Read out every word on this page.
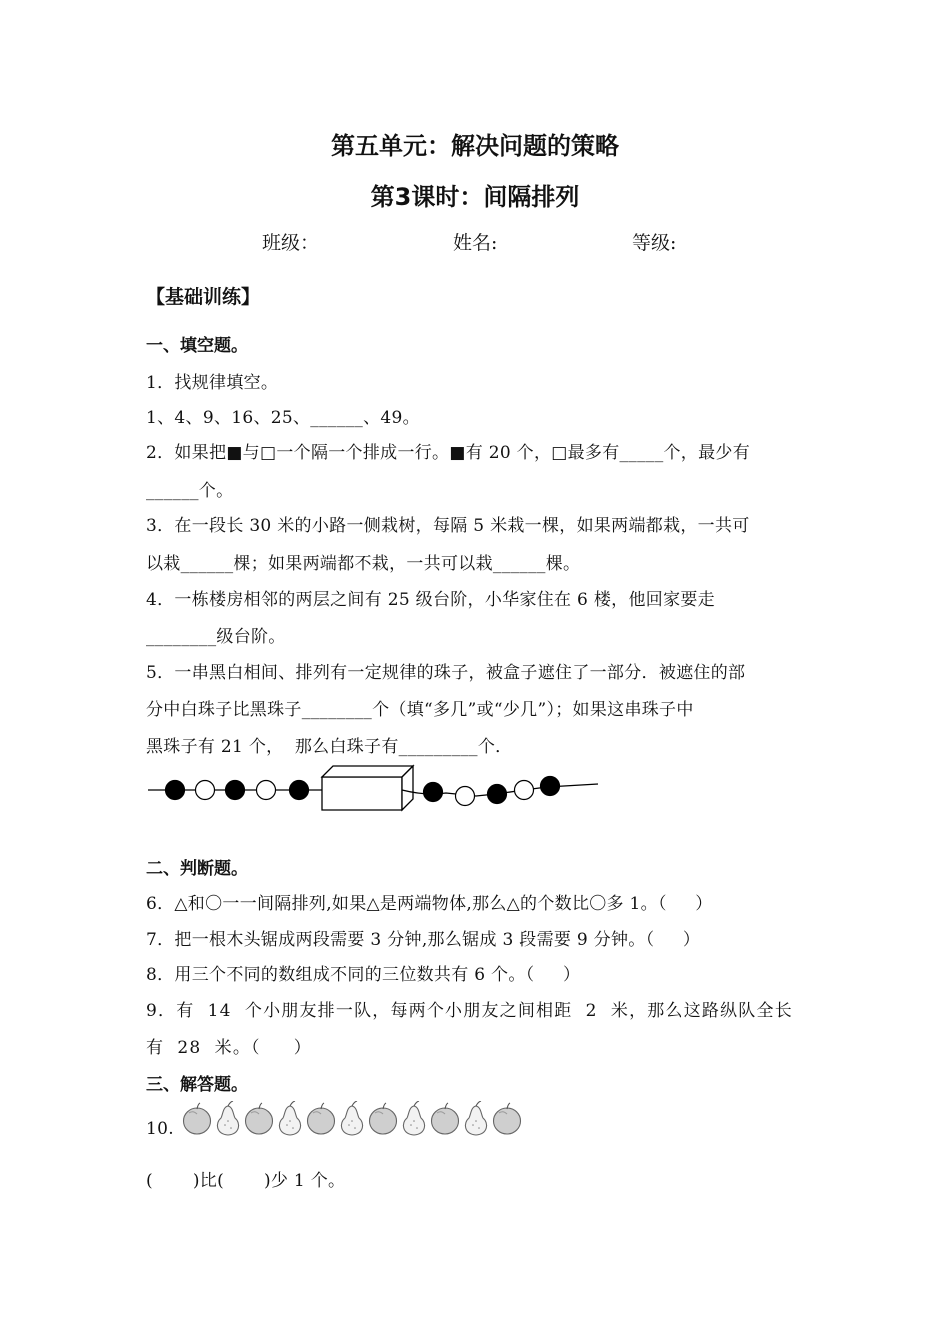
第五单元：解决问题的策略
第3课时：间隔排列
班级：	姓名:	等级:
【基础训练】
一、填空题。
1．找规律填空。
1、4、9、16、25、______、49。
2．如果把■与□一个隔一个排成一行。■有 20 个，□最多有_____个，最少有
______个。
3．在一段长 30 米的小路一侧栽树，每隔 5 米栽一棵，如果两端都栽，一共可
以栽______棵；如果两端都不栽，一共可以栽______棵。
4．一栋楼房相邻的两层之间有 25 级台阶，小华家住在 6 楼，他回家要走
________级台阶。
5．一串黑白相间、排列有一定规律的珠子，被盒子遮住了一部分．被遮住的部
分中白珠子比黑珠子________个（填“多几”或“少几”）；如果这串珠子中
黑珠子有 21 个，  那么白珠子有_________个．
二、判断题。
6．△和〇一一间隔排列,如果△是两端物体,那么△的个数比〇多 1。（     ）
7．把一根木头锯成两段需要 3 分钟,那么锯成 3 段需要 9 分钟。（     ）
8．用三个不同的数组成不同的三位数共有 6 个。（     ）
9．有  14  个小朋友排一队，每两个小朋友之间相距  2  米，那么这路纵队全长
有  28  米。（     ）
三、解答题。
10.
(       )比(       )少 1 个。
